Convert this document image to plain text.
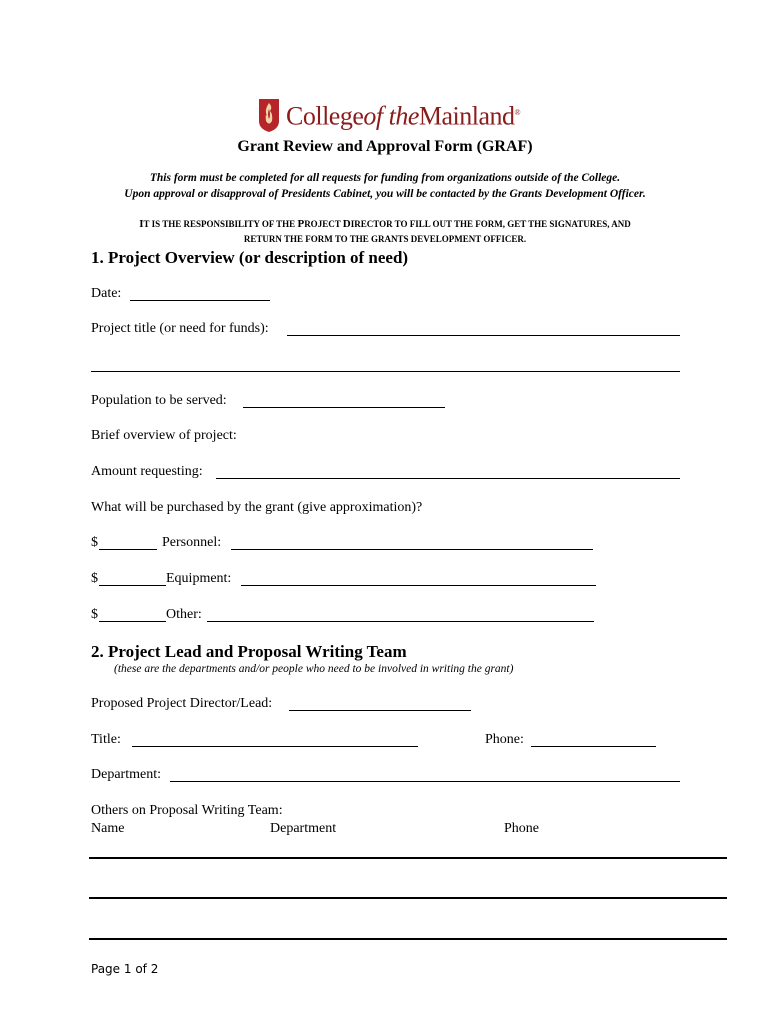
Collegeof theMainland®
Grant Review and Approval Form (GRAF)
This form must be completed for all requests for funding from organizations outside of the College.
Upon approval or disapproval of Presidents Cabinet, you will be contacted by the Grants Development Officer.
IT IS THE RESPONSIBILITY OF THE PROJECT DIRECTOR TO FILL OUT THE FORM, GET THE SIGNATURES, AND
RETURN THE FORM TO THE GRANTS DEVELOPMENT OFFICER.
1. Project Overview (or description of need)
Date:
Project title (or need for funds):
Population to be served:
Brief overview of project:
Amount requesting:
What will be purchased by the grant (give approximation)?
$	Personnel:
$	Equipment:
$	Other:
2. Project Lead and Proposal Writing Team
(these are the departments and/or people who need to be involved in writing the grant)
Proposed Project Director/Lead:
Title:	Phone:
Department:
Others on Proposal Writing Team:
Name	Department	Phone
Page 1 of 2
